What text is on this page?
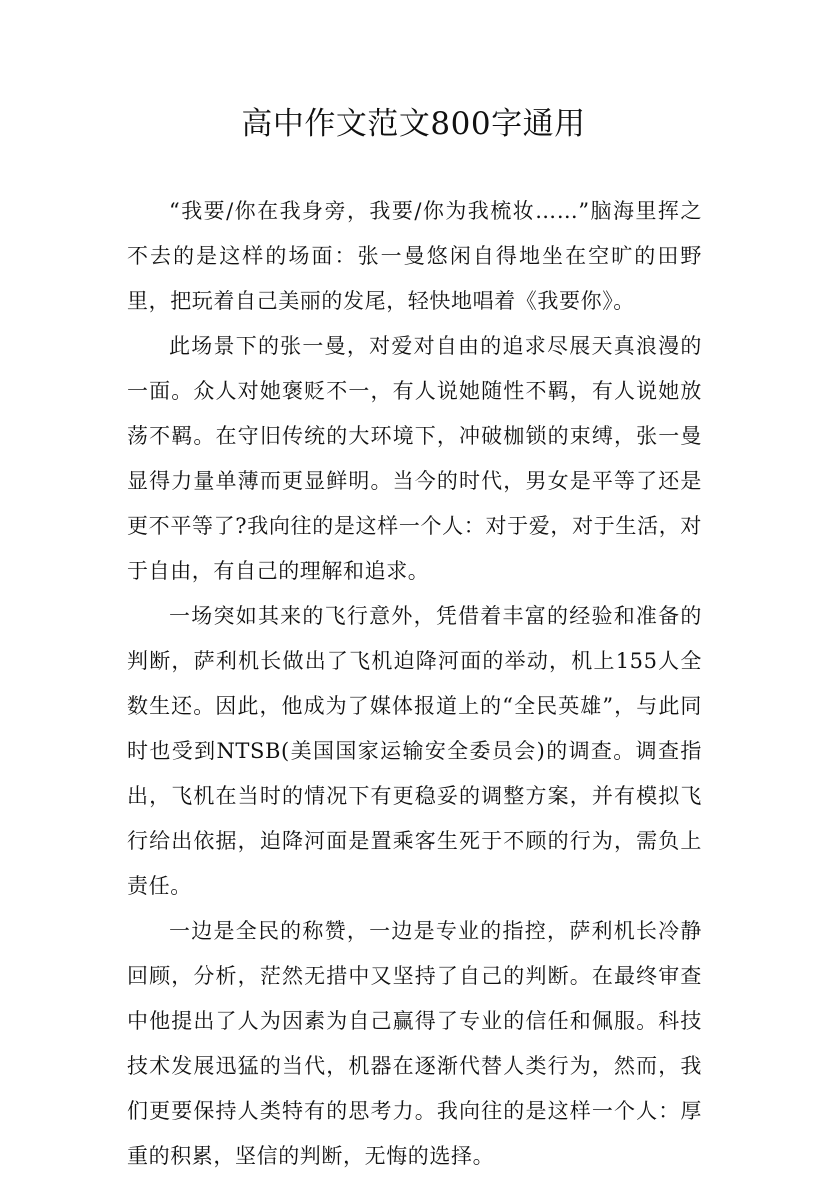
高中作文范文800字通用

“我要/你在我身旁，我要/你为我梳妆……”脑海里挥之不去的是这样的场面：张一曼悠闲自得地坐在空旷的田野里，把玩着自己美丽的发尾，轻快地唱着《我要你》。

此场景下的张一曼，对爱对自由的追求尽展天真浪漫的一面。众人对她褒贬不一，有人说她随性不羁，有人说她放荡不羁。在守旧传统的大环境下，冲破枷锁的束缚，张一曼显得力量单薄而更显鲜明。当今的时代，男女是平等了还是更不平等了?我向往的是这样一个人：对于爱，对于生活，对于自由，有自己的理解和追求。

一场突如其来的飞行意外，凭借着丰富的经验和准备的判断，萨利机长做出了飞机迫降河面的举动，机上155人全数生还。因此，他成为了媒体报道上的“全民英雄”，与此同时也受到NTSB(美国国家运输安全委员会)的调查。调查指出，飞机在当时的情况下有更稳妥的调整方案，并有模拟飞行给出依据，迫降河面是置乘客生死于不顾的行为，需负上责任。

一边是全民的称赞，一边是专业的指控，萨利机长冷静回顾，分析，茫然无措中又坚持了自己的判断。在最终审查中他提出了人为因素为自己赢得了专业的信任和佩服。科技技术发展迅猛的当代，机器在逐渐代替人类行为，然而，我们更要保持人类特有的思考力。我向往的是这样一个人：厚重的积累，坚信的判断，无悔的选择。
